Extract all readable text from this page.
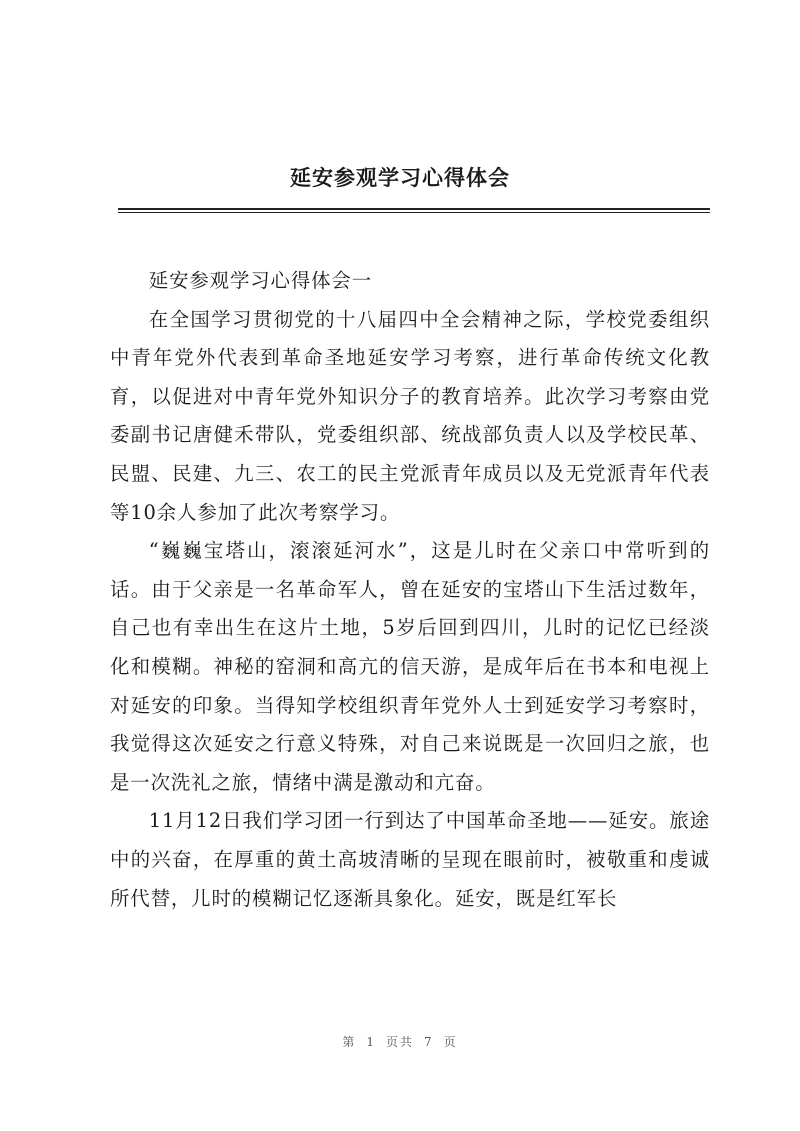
延安参观学习心得体会

延安参观学习心得体会一

在全国学习贯彻党的十八届四中全会精神之际，学校党委组织中青年党外代表到革命圣地延安学习考察，进行革命传统文化教育，以促进对中青年党外知识分子的教育培养。此次学习考察由党委副书记唐健禾带队，党委组织部、统战部负责人以及学校民革、民盟、民建、九三、农工的民主党派青年成员以及无党派青年代表等10余人参加了此次考察学习。

“巍巍宝塔山，滚滚延河水”，这是儿时在父亲口中常听到的话。由于父亲是一名革命军人，曾在延安的宝塔山下生活过数年，自己也有幸出生在这片土地，5岁后回到四川，儿时的记忆已经淡化和模糊。神秘的窑洞和高亢的信天游，是成年后在书本和电视上对延安的印象。当得知学校组织青年党外人士到延安学习考察时，我觉得这次延安之行意义特殊，对自己来说既是一次回归之旅，也是一次洗礼之旅，情绪中满是激动和亢奋。

11月12日我们学习团一行到达了中国革命圣地——延安。旅途中的兴奋，在厚重的黄土高坡清晰的呈现在眼前时，被敬重和虔诚所代替，儿时的模糊记忆逐渐具象化。延安，既是红军长

第 1 页共 7 页
